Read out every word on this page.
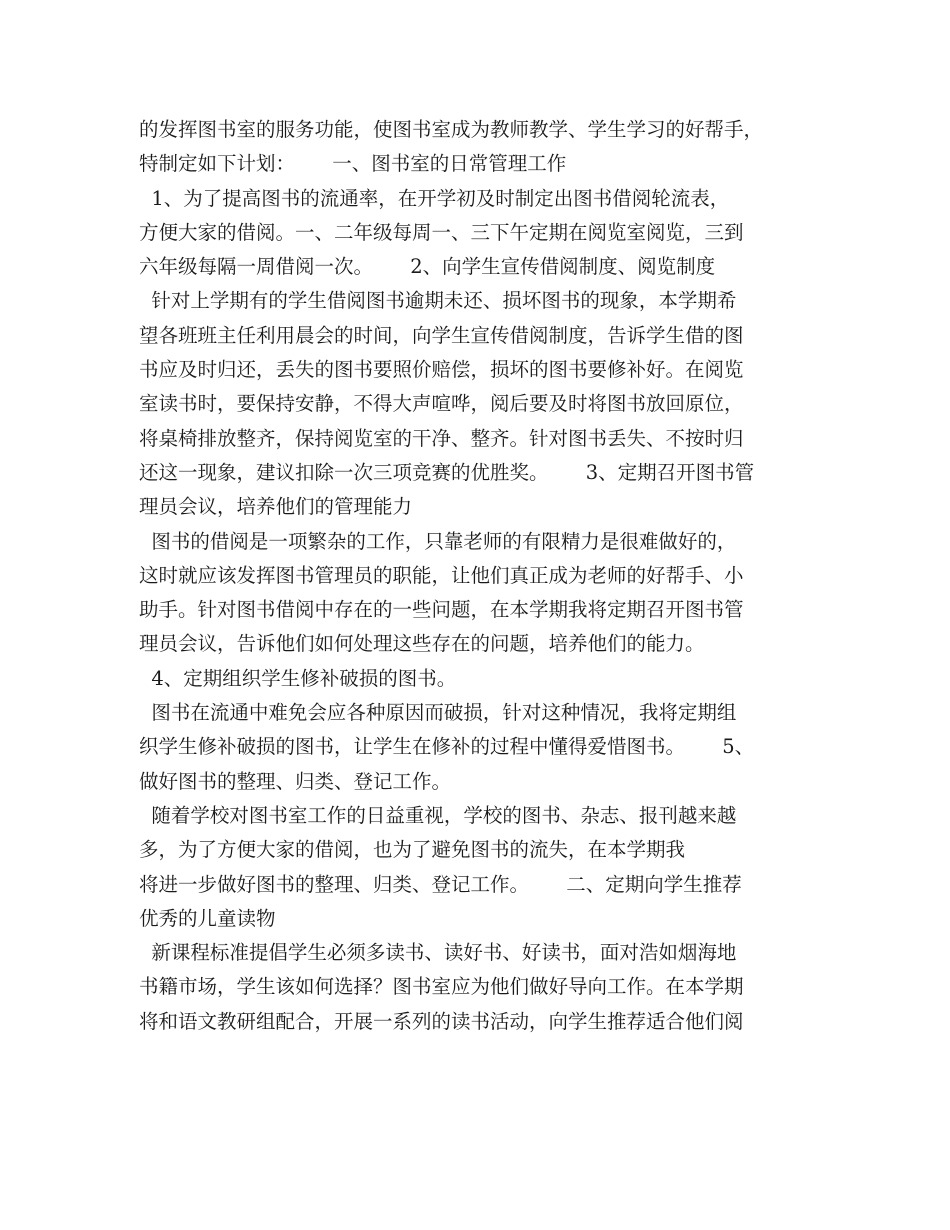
的发挥图书室的服务功能，使图书室成为教师教学、学生学习的好帮手，
特制定如下计划：      一、图书室的日常管理工作
1、为了提高图书的流通率，在开学初及时制定出图书借阅轮流表，
方便大家的借阅。一、二年级每周一、三下午定期在阅览室阅览，三到
六年级每隔一周借阅一次。      2、向学生宣传借阅制度、阅览制度
针对上学期有的学生借阅图书逾期未还、损坏图书的现象，本学期希
望各班班主任利用晨会的时间，向学生宣传借阅制度，告诉学生借的图
书应及时归还，丢失的图书要照价赔偿，损坏的图书要修补好。在阅览
室读书时，要保持安静，不得大声喧哗，阅后要及时将图书放回原位，
将桌椅排放整齐，保持阅览室的干净、整齐。针对图书丢失、不按时归
还这一现象，建议扣除一次三项竞赛的优胜奖。      3、定期召开图书管
理员会议，培养他们的管理能力
图书的借阅是一项繁杂的工作，只靠老师的有限精力是很难做好的，
这时就应该发挥图书管理员的职能，让他们真正成为老师的好帮手、小
助手。针对图书借阅中存在的一些问题，在本学期我将定期召开图书管
理员会议，告诉他们如何处理这些存在的问题，培养他们的能力。
4、定期组织学生修补破损的图书。
图书在流通中难免会应各种原因而破损，针对这种情况，我将定期组
织学生修补破损的图书，让学生在修补的过程中懂得爱惜图书。      5、
做好图书的整理、归类、登记工作。
随着学校对图书室工作的日益重视，学校的图书、杂志、报刊越来越
多，为了方便大家的借阅，也为了避免图书的流失，在本学期我
将进一步做好图书的整理、归类、登记工作。      二、定期向学生推荐
优秀的儿童读物
新课程标准提倡学生必须多读书、读好书、好读书，面对浩如烟海地
书籍市场，学生该如何选择？图书室应为他们做好导向工作。在本学期
将和语文教研组配合，开展一系列的读书活动，向学生推荐适合他们阅
